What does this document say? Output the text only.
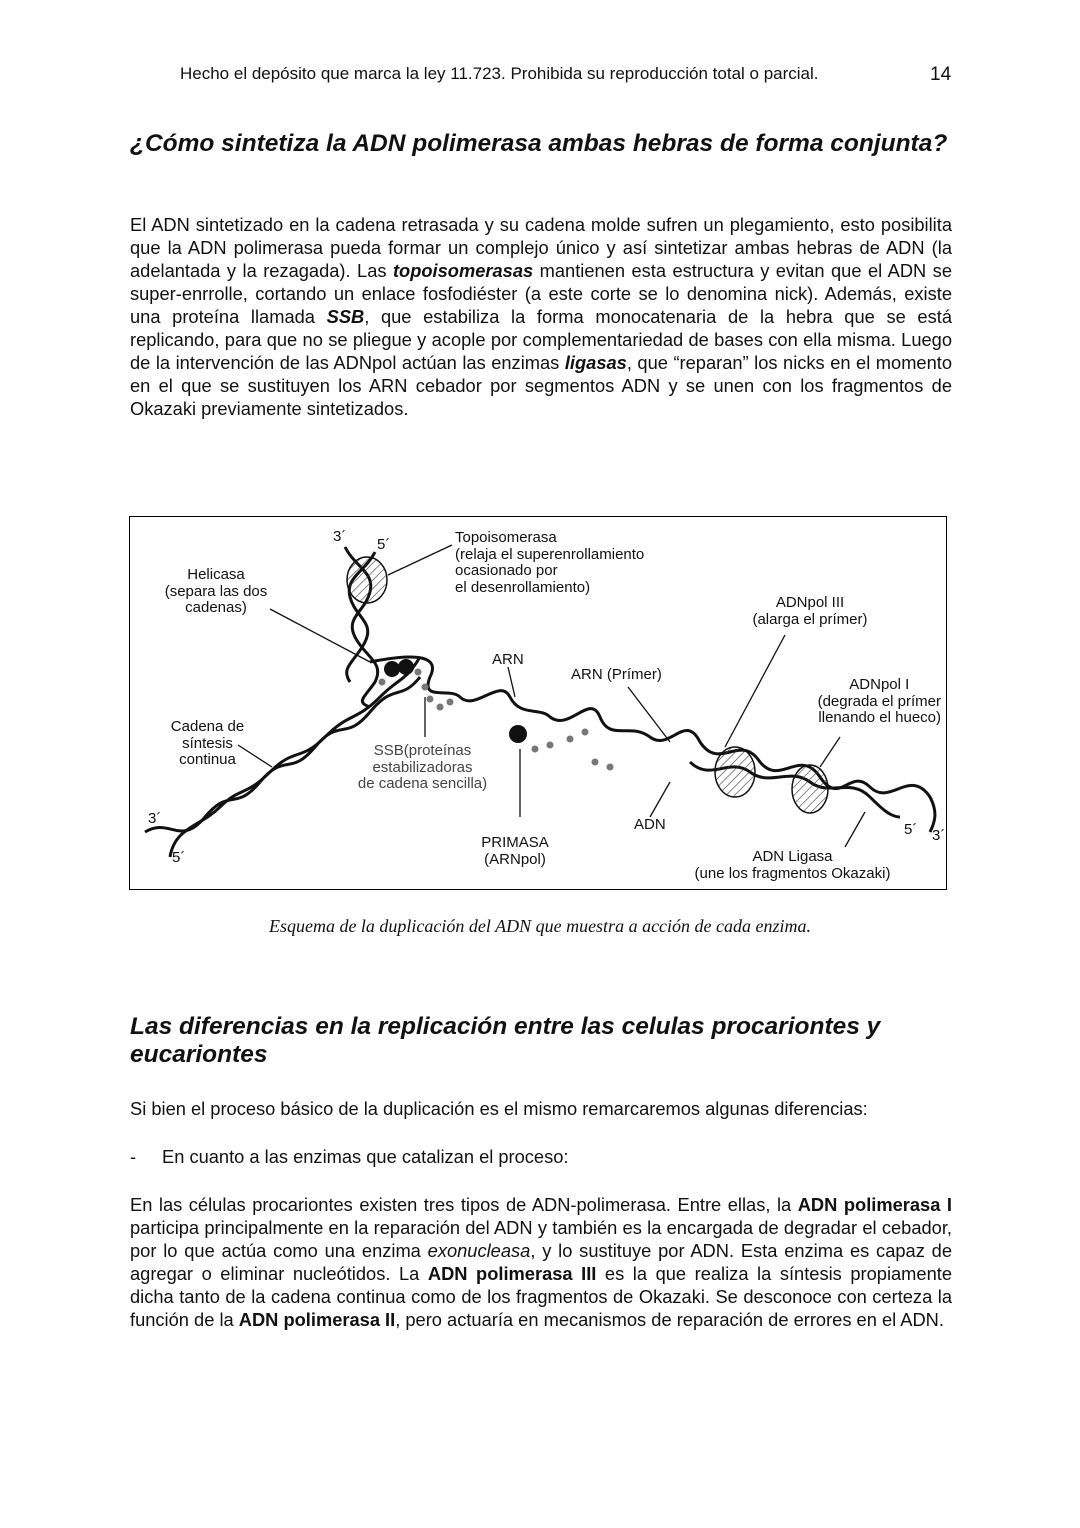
Hecho el depósito que marca la ley 11.723. Prohibida su reproducción total o parcial.	14
¿Cómo sintetiza la ADN polimerasa ambas hebras de forma conjunta?

El ADN sintetizado en la cadena retrasada y su cadena molde sufren un plegamiento, esto posibilita que la ADN polimerasa pueda formar un complejo único y así sintetizar ambas hebras de ADN (la adelantada y la rezagada). Las topoisomerasas mantienen esta estructura y evitan que el ADN se super-enrrolle, cortando un enlace fosfodiéster (a este corte se lo denomina nick). Además, existe una proteína llamada SSB, que estabiliza la forma monocatenaria de la hebra que se está replicando, para que no se pliegue y acople por complementariedad de bases con ella misma. Luego de la intervención de las ADNpol actúan las enzimas ligasas, que “reparan” los nicks en el momento en el que se sustituyen los ARN cebador por segmentos ADN y se unen con los fragmentos de Okazaki previamente sintetizados.

3´ 5´	Topoisomerasa
(relaja el superenrollamiento
ocasionado por
el desenrollamiento)
Helicasa
(separa las dos
cadenas)	ADNpol III
(alarga el prímer)
ARN
ARN (Prímer)
ADNpol I
(degrada el prímer
llenando el hueco)
Cadena de
síntesis
continua
SSB(proteínas
estabilizadoras
de cadena sencilla)
3´
5´
ADN
PRIMASA
(ARNpol)	ADN Ligasa
(une los fragmentos Okazaki)
5´ 3´
Esquema de la duplicación del ADN que muestra a acción de cada enzima.
Las diferencias en la replicación entre las celulas procariontes y eucariontes

Si bien el proceso básico de la duplicación es el mismo remarcaremos algunas diferencias:

- En cuanto a las enzimas que catalizan el proceso:

En las células procariontes existen tres tipos de ADN-polimerasa. Entre ellas, la ADN polimerasa I participa principalmente en la reparación del ADN y también es la encargada de degradar el cebador, por lo que actúa como una enzima exonucleasa, y lo sustituye por ADN. Esta enzima es capaz de agregar o eliminar nucleótidos. La ADN polimerasa III es la que realiza la síntesis propiamente dicha tanto de la cadena continua como de los fragmentos de Okazaki. Se desconoce con certeza la función de la ADN polimerasa II, pero actuaría en mecanismos de reparación de errores en el ADN.
